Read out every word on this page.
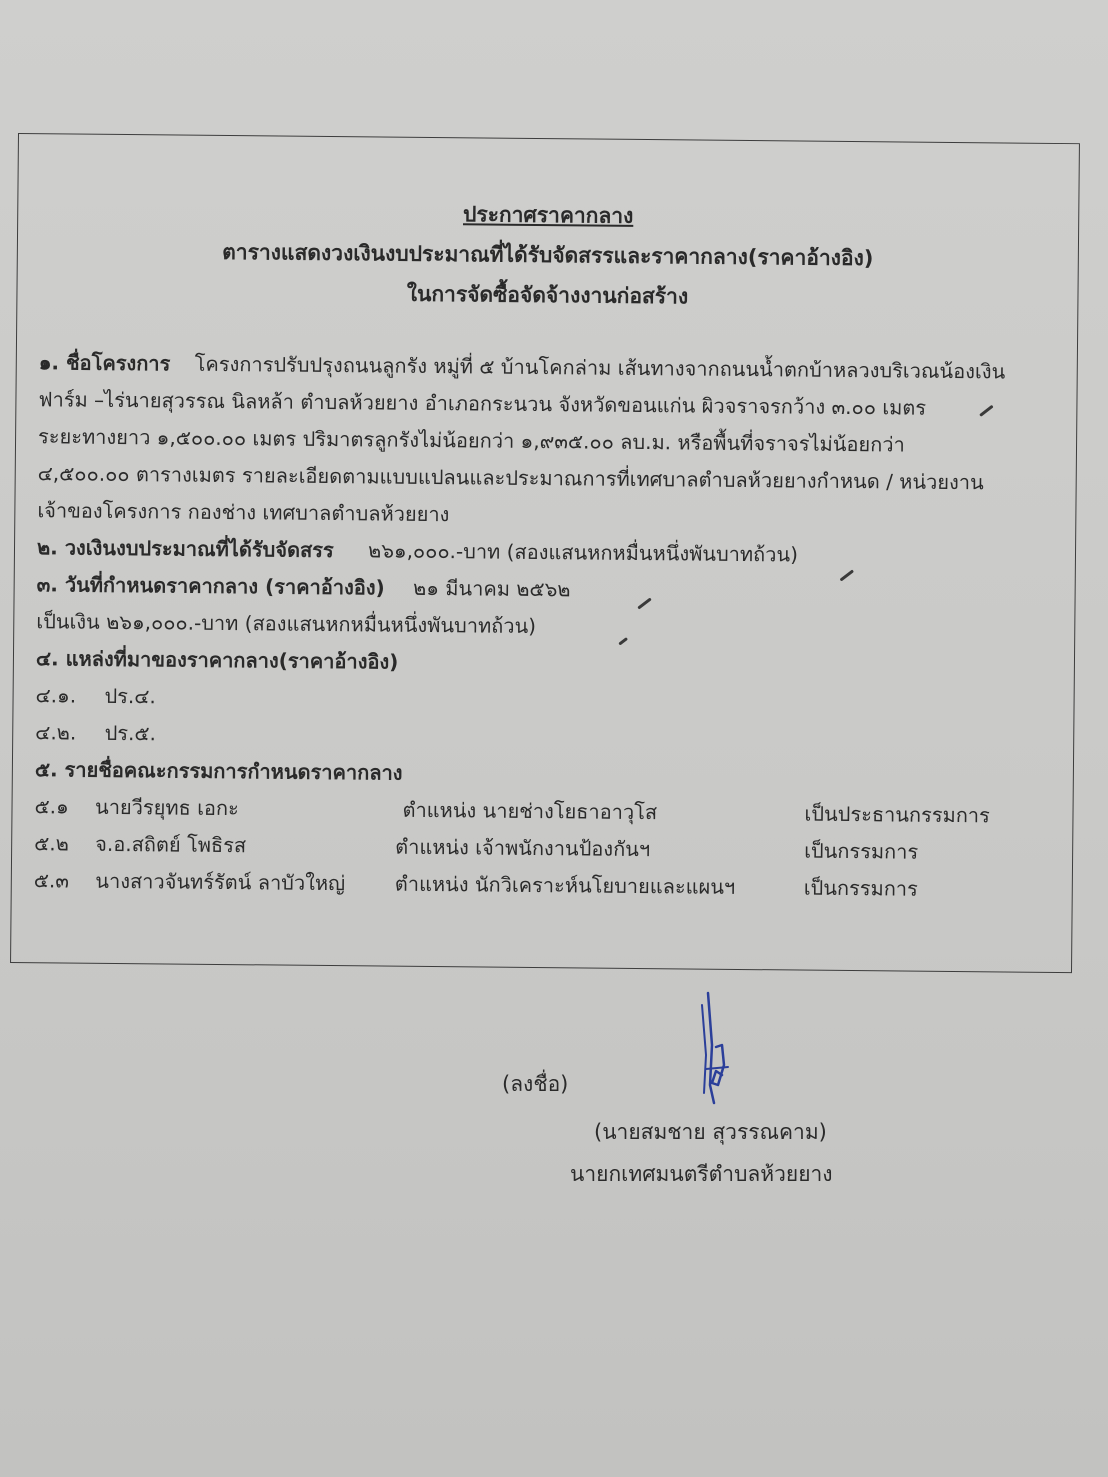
ประกาศราคากลาง
ตารางแสดงวงเงินงบประมาณที่ได้รับจัดสรรและราคากลาง(ราคาอ้างอิง)
ในการจัดซื้อจัดจ้างงานก่อสร้าง
๑. ชื่อโครงการ โครงการปรับปรุงถนนลูกรัง หมู่ที่ ๕ บ้านโคกล่าม เส้นทางจากถนนน้ำตกบ้าหลวงบริเวณน้องเงิน
ฟาร์ม –ไร่นายสุวรรณ นิลหล้า ตำบลห้วยยาง อำเภอกระนวน จังหวัดขอนแก่น ผิวจราจรกว้าง ๓.๐๐ เมตร
ระยะทางยาว ๑,๕๐๐.๐๐ เมตร ปริมาตรลูกรังไม่น้อยกว่า ๑,๙๓๕.๐๐ ลบ.ม. หรือพื้นที่จราจรไม่น้อยกว่า
๔,๕๐๐.๐๐ ตารางเมตร รายละเอียดตามแบบแปลนและประมาณการที่เทศบาลตำบลห้วยยางกำหนด / หน่วยงาน
เจ้าของโครงการ กองช่าง เทศบาลตำบลห้วยยาง
๒. วงเงินงบประมาณที่ได้รับจัดสรร ๒๖๑,๐๐๐.-บาท (สองแสนหกหมื่นหนึ่งพันบาทถ้วน)
๓. วันที่กำหนดราคากลาง (ราคาอ้างอิง) ๒๑ มีนาคม ๒๕๖๒
เป็นเงิน ๒๖๑,๐๐๐.-บาท (สองแสนหกหมื่นหนึ่งพันบาทถ้วน)
๔. แหล่งที่มาของราคากลาง(ราคาอ้างอิง)
๔.๑. ปร.๔.
๔.๒. ปร.๕.
๕. รายชื่อคณะกรรมการกำหนดราคากลาง
๕.๑ นายวีรยุทธ เอกะ	ตำแหน่ง นายช่างโยธาอาวุโส	เป็นประธานกรรมการ
๕.๒ จ.อ.สถิตย์ โพธิรส	ตำแหน่ง เจ้าพนักงานป้องกันฯ	เป็นกรรมการ
๕.๓ นางสาวจันทร์รัตน์ ลาบัวใหญ่ ตำแหน่ง นักวิเคราะห์นโยบายและแผนฯ	เป็นกรรมการ
(ลงชื่อ)
(นายสมชาย สุวรรณคาม)
นายกเทศมนตรีตำบลห้วยยาง
